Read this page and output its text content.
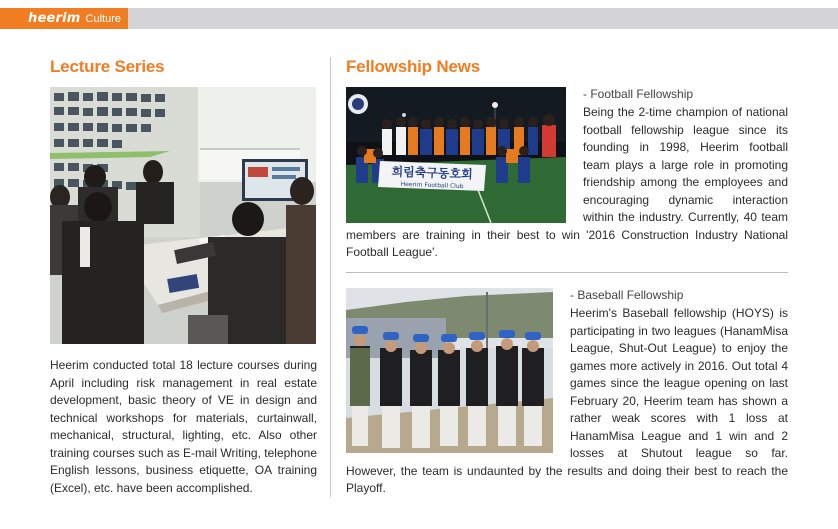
heerim Culture
Lecture Series	Fellowship News
Heerim conducted total 18 lecture courses during April including risk management in real estate development, basic theory of VE in design and technical workshops for materials, curtainwall, mechanical, structural, lighting, etc. Also other training courses such as E-mail Writing, telephone English lessons, business etiquette, OA training (Excel), etc. have been accomplished.
희림축구동호회
Heerim Football Club
- Football Fellowship
Being the 2-time champion of national football fellowship league since its founding in 1998, Heerim football team plays a large role in promoting friendship among the employees and encouraging dynamic interaction within the industry. Currently, 40 team members are training in their best to win '2016 Construction Industry National Football League'.
- Baseball Fellowship
Heerim's Baseball fellowship (HOYS) is participating in two leagues (HanamMisa League, Shut-Out League) to enjoy the games more actively in 2016. Out total 4 games since the league opening on last February 20, Heerim team has shown a rather weak scores with 1 loss at HanamMisa League and 1 win and 2 losses at Shutout league so far. However, the team is undaunted by the results and doing their best to reach the Playoff.
